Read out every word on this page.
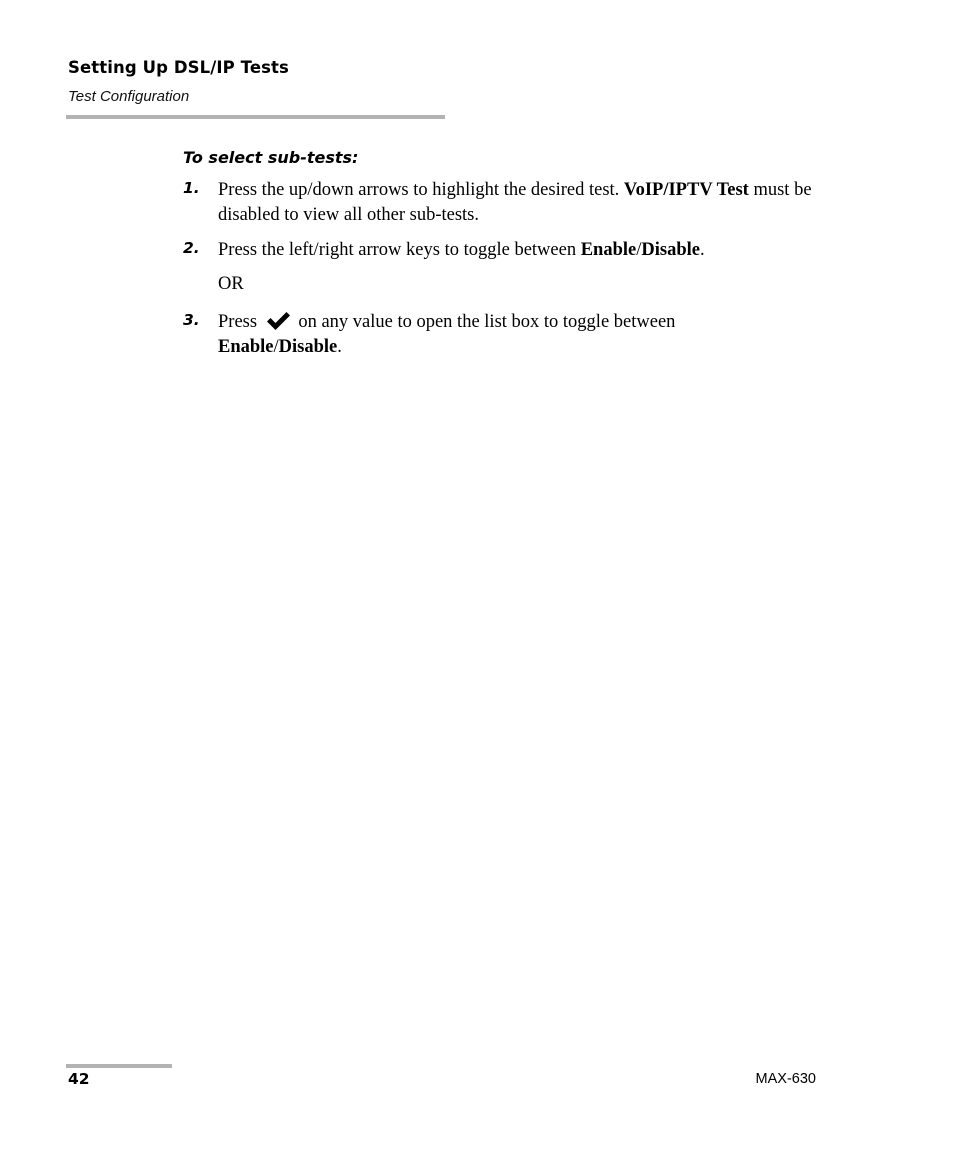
Setting Up DSL/IP Tests
Test Configuration
To select sub-tests:
1. Press the up/down arrows to highlight the desired test. VoIP/IPTV Test must be disabled to view all other sub-tests.
2. Press the left/right arrow keys to toggle between Enable/Disable.
OR
3. Press  on any value to open the list box to toggle between
Enable/Disable.
42	MAX-630
